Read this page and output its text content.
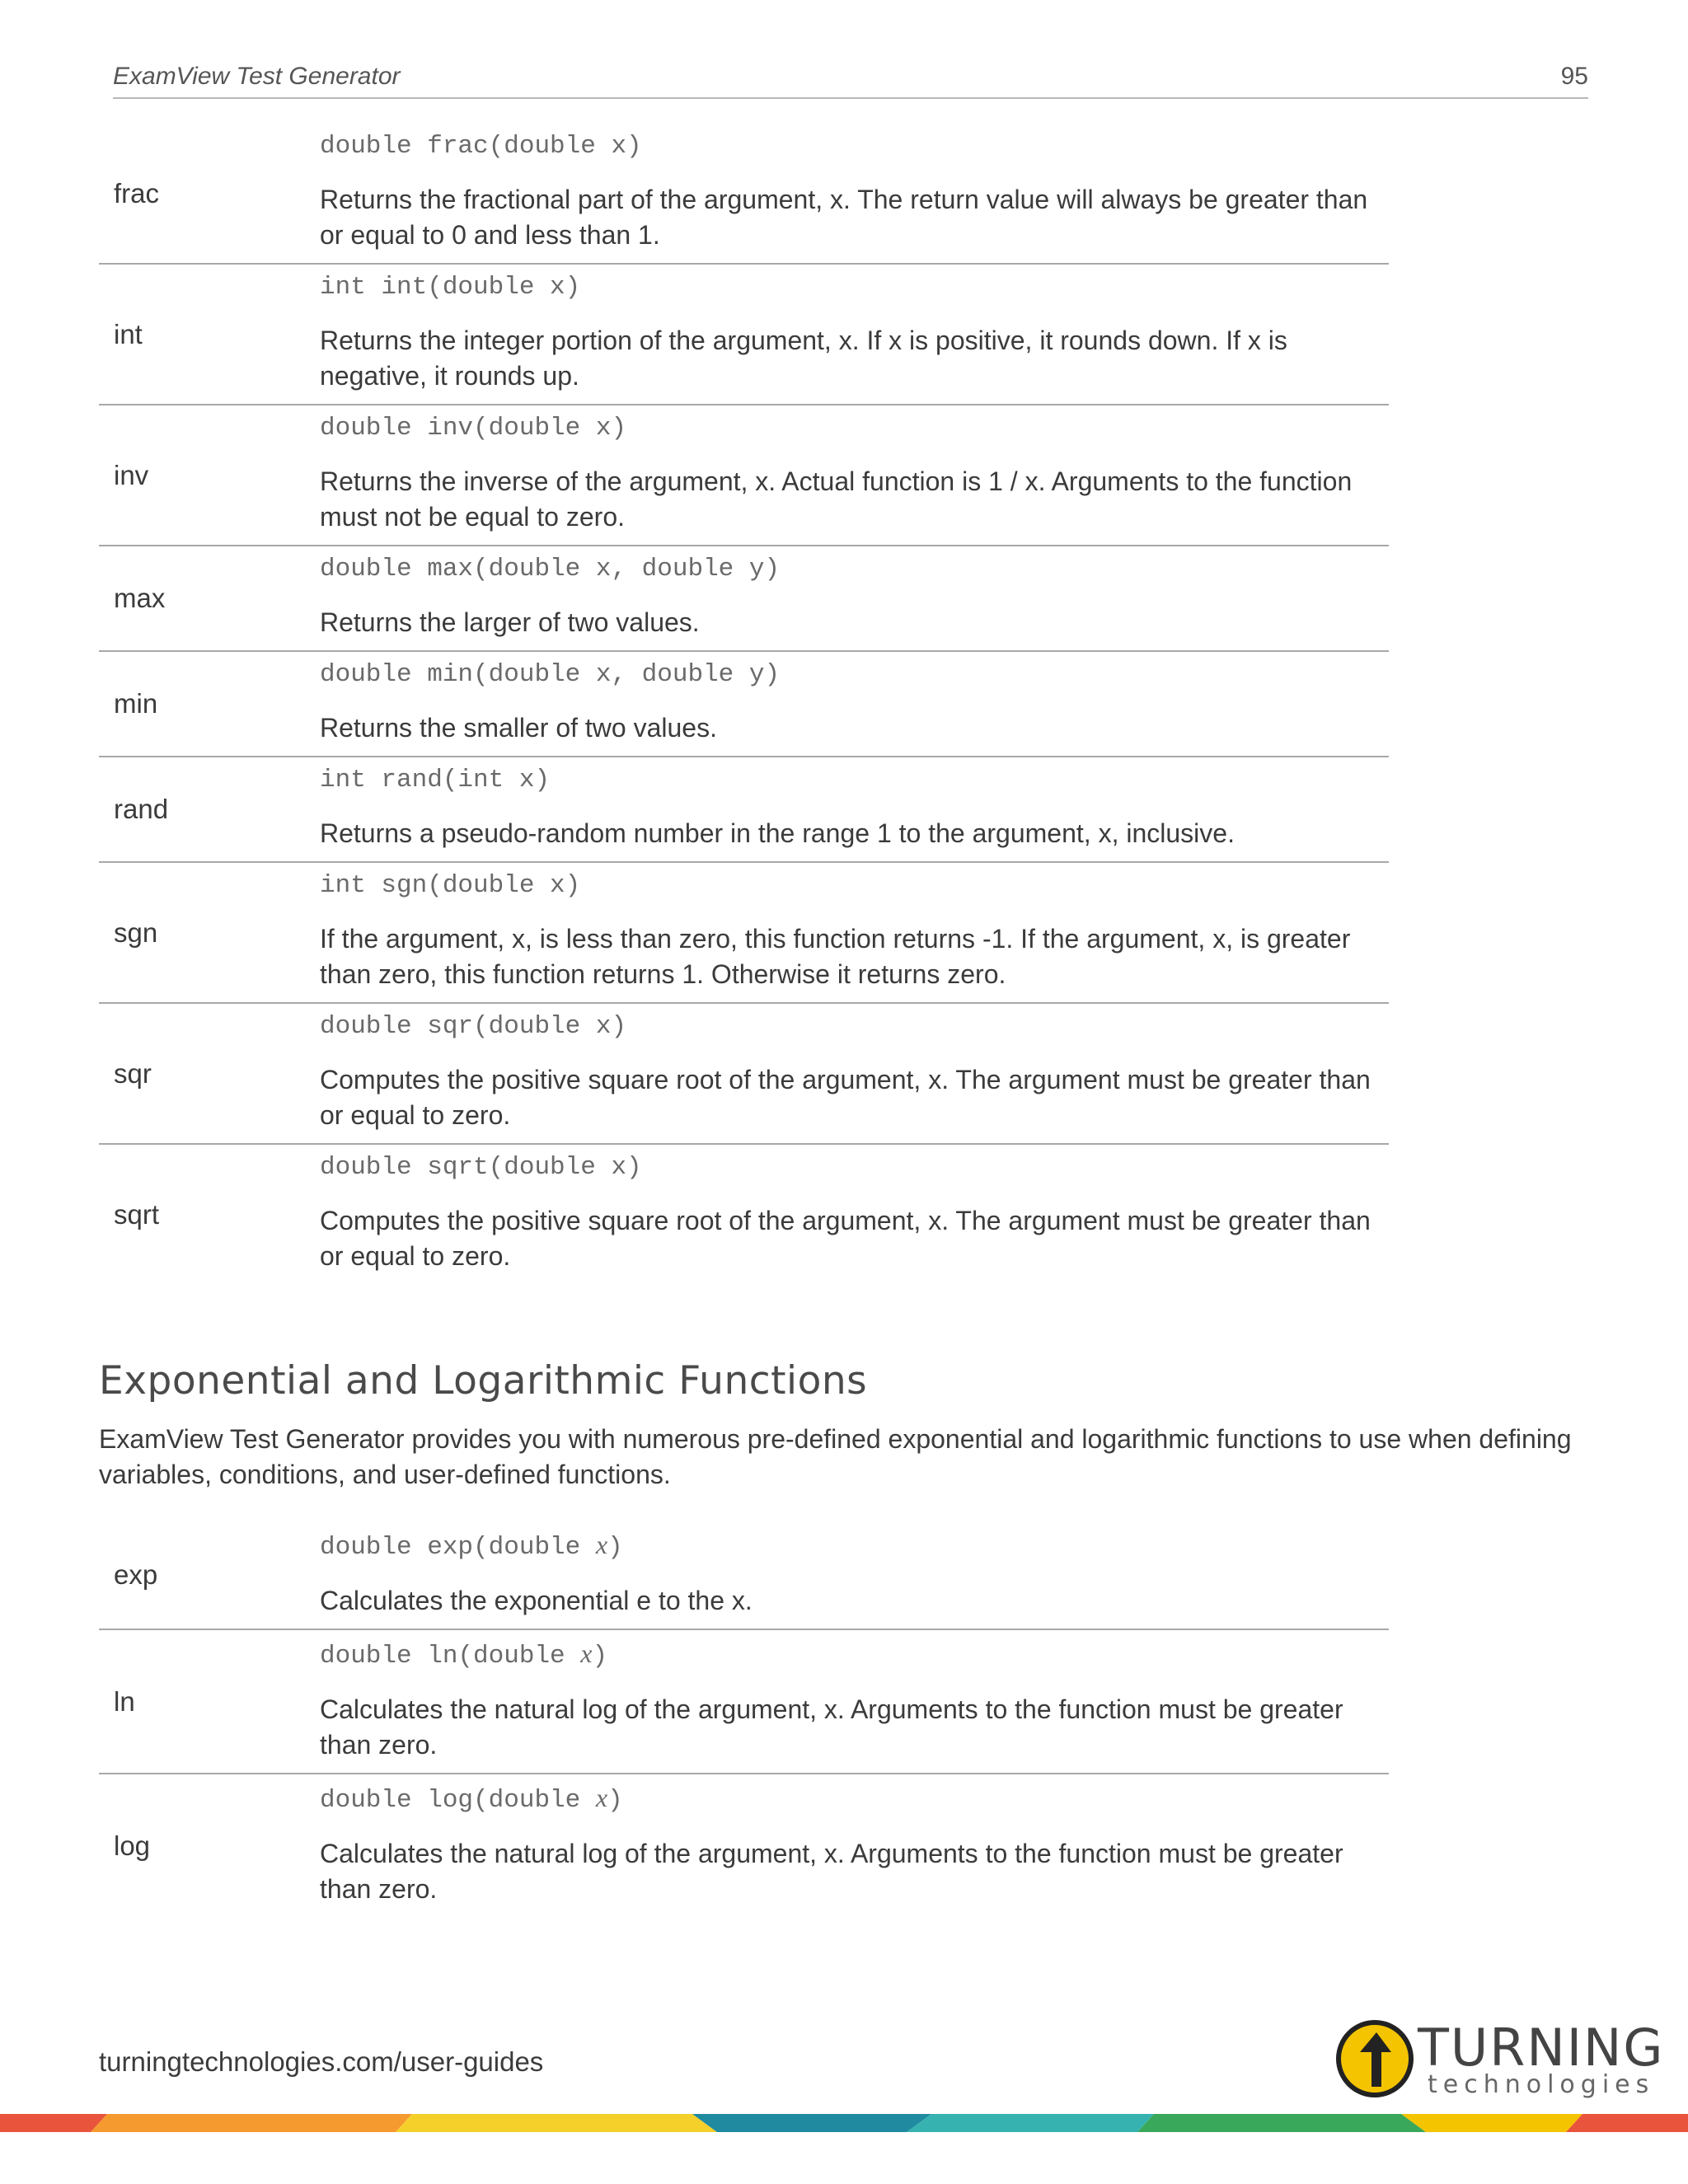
ExamView Test Generator	95
frac	double frac(double x)
Returns the fractional part of the argument, x. The return value will always be greater than or equal to 0 and less than 1.

int	int int(double x)
Returns the integer portion of the argument, x. If x is positive, it rounds down. If x is negative, it rounds up.

inv	double inv(double x)
Returns the inverse of the argument, x. Actual function is 1 / x. Arguments to the function must not be equal to zero.

max	double max(double x, double y)
Returns the larger of two values.

min	double min(double x, double y)
Returns the smaller of two values.

rand	int rand(int x)
Returns a pseudo-random number in the range 1 to the argument, x, inclusive.

sgn	int sgn(double x)
If the argument, x, is less than zero, this function returns -1. If the argument, x, is greater than zero, this function returns 1. Otherwise it returns zero.

sqr	double sqr(double x)
Computes the positive square root of the argument, x. The argument must be greater than or equal to zero.

sqrt	double sqrt(double x)
Computes the positive square root of the argument, x. The argument must be greater than or equal to zero.
Exponential and Logarithmic Functions
ExamView Test Generator provides you with numerous pre-defined exponential and logarithmic functions to use when defining variables, conditions, and user-defined functions.
exp	double exp(double x)
Calculates the exponential e to the x.

ln	double ln(double x)
Calculates the natural log of the argument, x. Arguments to the function must be greater than zero.

log	double log(double x)
Calculates the natural log of the argument, x. Arguments to the function must be greater than zero.
turningtechnologies.com/user-guides	TURNING
technologies
